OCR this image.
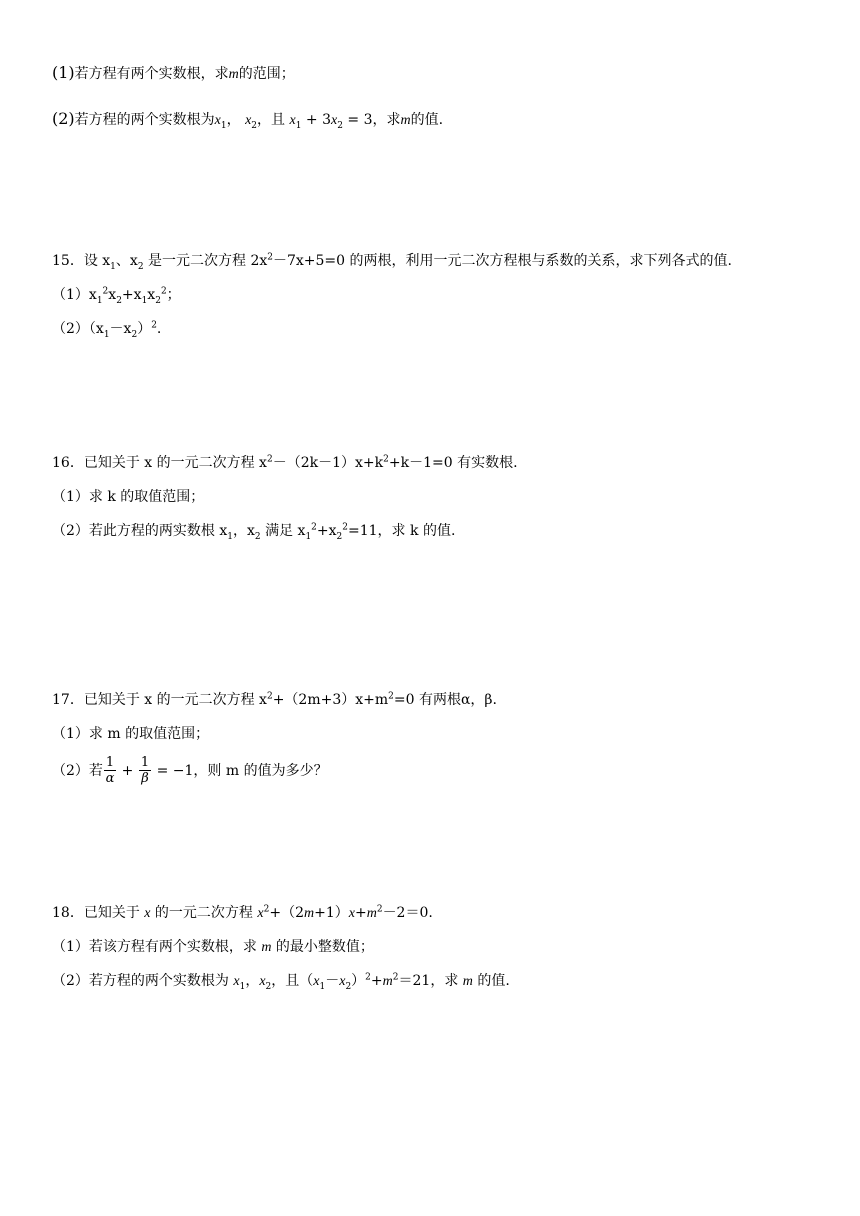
(1)若方程有两个实数根，求m的范围；
(2)若方程的两个实数根为$x_1$， $x_2$，且 $x_1 + 3x_2 = 3$，求m的值.
15．设 $x_1$、$x_2$ 是一元二次方程 $2x^2-7x+5=0$ 的两根，利用一元二次方程根与系数的关系，求下列各式的值.
$(1)x_1^2x_2+x_1x_2^2$；
$(2)(x_1-x_2)^2$.
16．已知关于 x 的一元二次方程 $x^2-(2k-1)x+k^2+k-1=0$ 有实数根.
（1）求 k 的取值范围；
（2）若此方程的两实数根 $x_1$，$x_2$ 满足 $x_1^2+x_2^2=11$，求 k 的值.
17．已知关于 x 的一元二次方程 $x^2+(2m+3)x+m^2=0$ 有两根α，β.
（1）求 m 的取值范围；
（2）若 $\frac{1}{\alpha} + \frac{1}{\beta} = -1$，则 m 的值为多少？
18．已知关于 x 的一元二次方程 $x^2+(2m+1)x+m^2-2=0$.
（1）若该方程有两个实数根，求 m 的最小整数值；
（2）若方程的两个实数根为 $x_1$，$x_2$，且$(x_1-x_2)^2+m^2=21$，求 m 的值.
